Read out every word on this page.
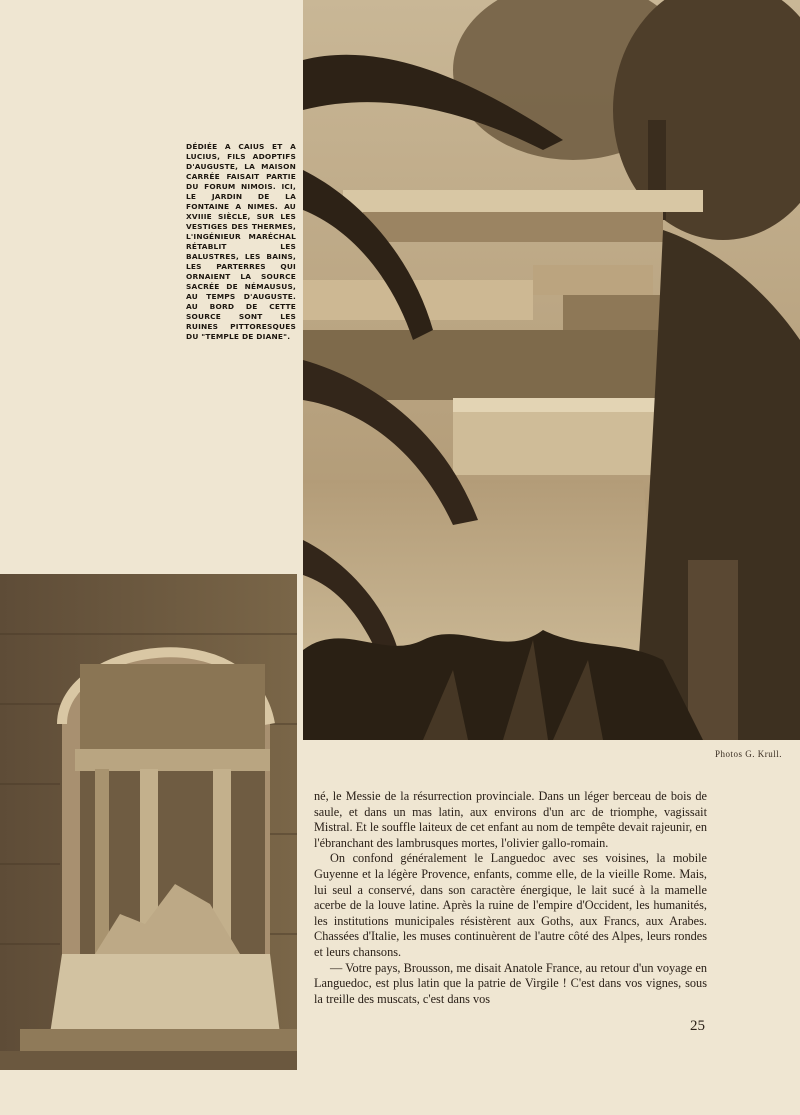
DÉDIÉE A CAIUS ET A LUCIUS, FILS ADOPTIFS D'AUGUSTE, LA MAISON CARRÉE FAISAIT PARTIE DU FORUM NIMOIS. ICI, LE JARDIN DE LA FONTAINE A NIMES. AU XVIIIE SIÈCLE, SUR LES VESTIGES DES THERMES, L'INGÉNIEUR MARÉCHAL RÉTABLIT LES BALUSTRES, LES BAINS, LES PARTERRES QUI ORNAIENT LA SOURCE SACRÉE DE NÉMAUSUS, AU TEMPS D'AUGUSTE. AU BORD DE CETTE SOURCE SONT LES RUINES PITTORESQUES DU "TEMPLE DE DIANE".
Photos G. Krull.

né, le Messie de la résurrection provinciale. Dans un léger berceau de bois de saule, et dans un mas latin, aux environs d'un arc de triomphe, vagissait Mistral. Et le souffle laiteux de cet enfant au nom de tempête devait rajeunir, en l'ébranchant des lambrusques mortes, l'olivier gallo-romain.

On confond généralement le Languedoc avec ses voisines, la mobile Guyenne et la légère Provence, enfants, comme elle, de la vieille Rome. Mais, lui seul a conservé, dans son caractère énergique, le lait sucé à la mamelle acerbe de la louve latine. Après la ruine de l'empire d'Occident, les humanités, les institutions municipales résistèrent aux Goths, aux Francs, aux Arabes. Chassées d'Italie, les muses continuèrent de l'autre côté des Alpes, leurs rondes et leurs chansons.

— Votre pays, Brousson, me disait Anatole France, au retour d'un voyage en Languedoc, est plus latin que la patrie de Virgile ! C'est dans vos vignes, sous la treille des muscats, c'est dans vos

25
